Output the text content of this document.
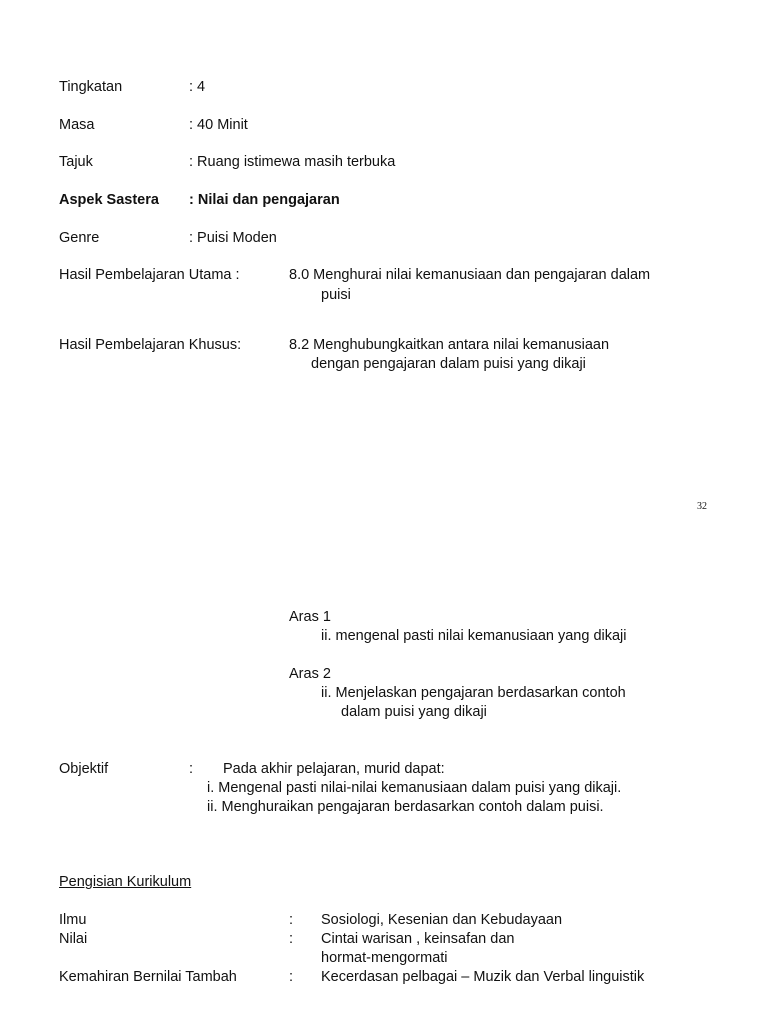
Tingkatan	: 4
Masa	: 40 Minit
Tajuk	: Ruang istimewa masih terbuka
Aspek Sastera : Nilai dan pengajaran
Genre	: Puisi Moden
Hasil Pembelajaran Utama :	8.0 Menghurai nilai kemanusiaan dan pengajaran dalam
puisi
Hasil Pembelajaran Khusus:	8.2 Menghubungkaitkan antara nilai kemanusiaan
dengan pengajaran dalam puisi yang dikaji
32
Aras 1
ii. mengenal pasti nilai kemanusiaan yang dikaji
Aras 2
ii. Menjelaskan pengajaran berdasarkan contoh
dalam puisi yang dikaji
Objektif	: Pada akhir pelajaran, murid dapat:
i. Mengenal pasti nilai-nilai kemanusiaan dalam puisi yang dikaji.
ii. Menghuraikan pengajaran berdasarkan contoh dalam puisi.
Pengisian Kurikulum
Ilmu	: Sosiologi, Kesenian dan Kebudayaan
Nilai	: Cintai warisan , keinsafan dan
hormat-mengormati
Kemahiran Bernilai Tambah	: Kecerdasan pelbagai – Muzik dan Verbal linguistik
